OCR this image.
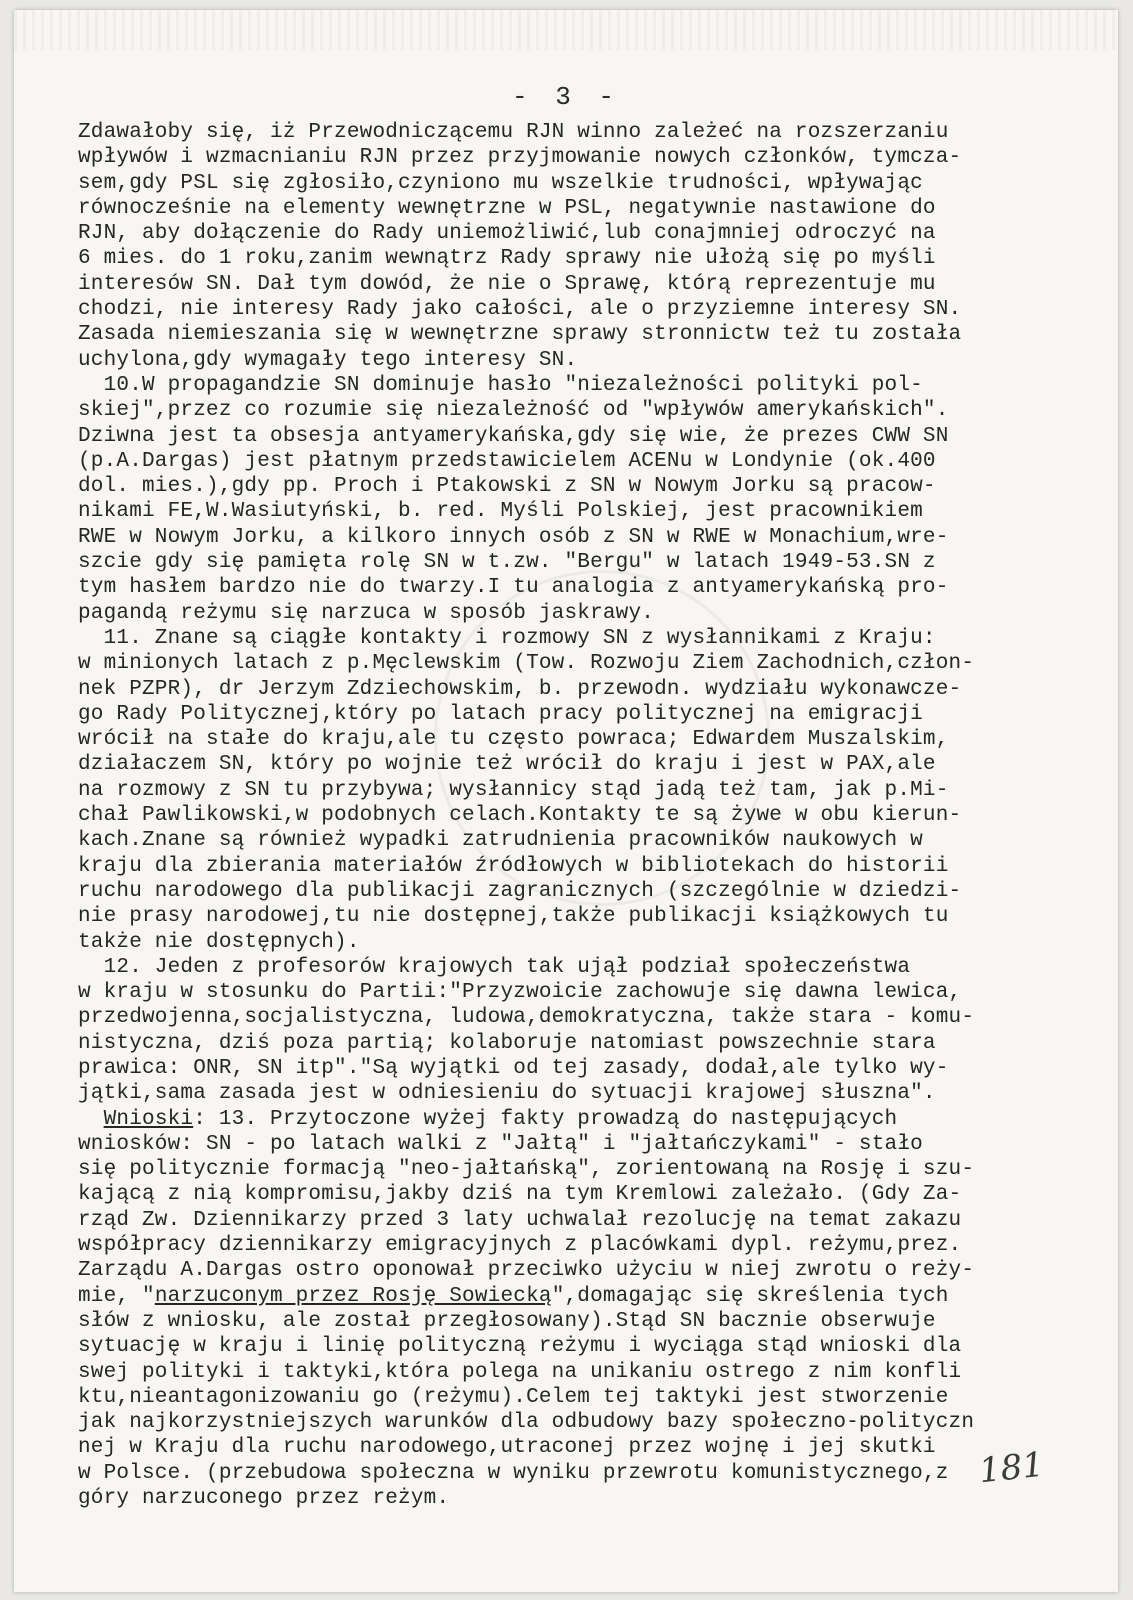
- 3 -
Zdawałoby się, iż Przewodniczącemu RJN winno zależeć na rozszerzaniu
wpływów i wzmacnianiu RJN przez przyjmowanie nowych członków, tymcza-
sem,gdy PSL się zgłosiło,czyniono mu wszelkie trudności, wpływając
równocześnie na elementy wewnętrzne w PSL, negatywnie nastawione do
RJN, aby dołączenie do Rady uniemożliwić,lub conajmniej odroczyć na
6 mies. do 1 roku,zanim wewnątrz Rady sprawy nie ułożą się po myśli
interesów SN. Dał tym dowód, że nie o Sprawę, którą reprezentuje mu
chodzi, nie interesy Rady jako całości, ale o przyziemne interesy SN.
Zasada niemieszania się w wewnętrzne sprawy stronnictw też tu została
uchylona,gdy wymagały tego interesy SN.
10.W propagandzie SN dominuje hasło "niezależności polityki pol-
skiej",przez co rozumie się niezależność od "wpływów amerykańskich".
Dziwna jest ta obsesja antyamerykańska,gdy się wie, że prezes CWW SN
(p.A.Dargas) jest płatnym przedstawicielem ACENu w Londynie (ok.400
dol. mies.),gdy pp. Proch i Ptakowski z SN w Nowym Jorku są pracow-
nikami FE,W.Wasiutyński, b. red. Myśli Polskiej, jest pracownikiem
RWE w Nowym Jorku, a kilkoro innych osób z SN w RWE w Monachium,wre-
szcie gdy się pamięta rolę SN w t.zw. "Bergu" w latach 1949-53.SN z
tym hasłem bardzo nie do twarzy.I tu analogia z antyamerykańską pro-
pagandą reżymu się narzuca w sposób jaskrawy.
11. Znane są ciągłe kontakty i rozmowy SN z wysłannikami z Kraju:
w minionych latach z p.Męclewskim (Tow. Rozwoju Ziem Zachodnich,człon-
nek PZPR), dr Jerzym Zdziechowskim, b. przewodn. wydziału wykonawcze-
go Rady Politycznej,który po latach pracy politycznej na emigracji
wrócił na stałe do kraju,ale tu często powraca; Edwardem Muszalskim,
działaczem SN, który po wojnie też wrócił do kraju i jest w PAX,ale
na rozmowy z SN tu przybywa; wysłannicy stąd jadą też tam, jak p.Mi-
chał Pawlikowski,w podobnych celach.Kontakty te są żywe w obu kierun-
kach.Znane są również wypadki zatrudnienia pracowników naukowych w
kraju dla zbierania materiałów źródłowych w bibliotekach do historii
ruchu narodowego dla publikacji zagranicznych (szczególnie w dziedzi-
nie prasy narodowej,tu nie dostępnej,także publikacji książkowych tu
także nie dostępnych).
12. Jeden z profesorów krajowych tak ujął podział społeczeństwa
w kraju w stosunku do Partii:"Przyzwoicie zachowuje się dawna lewica,
przedwojenna,socjalistyczna, ludowa,demokratyczna, także stara - komu-
nistyczna, dziś poza partią; kolaboruje natomiast powszechnie stara
prawica: ONR, SN itp"."Są wyjątki od tej zasady, dodał,ale tylko wy-
jątki,sama zasada jest w odniesieniu do sytuacji krajowej słuszna".
Wnioski: 13. Przytoczone wyżej fakty prowadzą do następujących
wniosków: SN - po latach walki z "Jałtą" i "jałtańczykami" - stało
się politycznie formacją "neo-jałtańską", zorientowaną na Rosję i szu-
kającą z nią kompromisu,jakby dziś na tym Kremlowi zależało. (Gdy Za-
rząd Zw. Dziennikarzy przed 3 laty uchwalał rezolucję na temat zakazu
współpracy dziennikarzy emigracyjnych z placówkami dypl. reżymu,prez.
Zarządu A.Dargas ostro oponował przeciwko użyciu w niej zwrotu o reży-
mie, "narzuconym przez Rosję Sowiecką",domagając się skreślenia tych
słów z wniosku, ale został przegłosowany).Stąd SN bacznie obserwuje
sytuację w kraju i linię polityczną reżymu i wyciąga stąd wnioski dla
swej polityki i taktyki,która polega na unikaniu ostrego z nim konfli
ktu,nieantagonizowaniu go (reżymu).Celem tej taktyki jest stworzenie
jak najkorzystniejszych warunków dla odbudowy bazy społeczno-polityczn
nej w Kraju dla ruchu narodowego,utraconej przez wojnę i jej skutki
w Polsce. (przebudowa społeczna w wyniku przewrotu komunistycznego,z
góry narzuconego przez reżym.
181
